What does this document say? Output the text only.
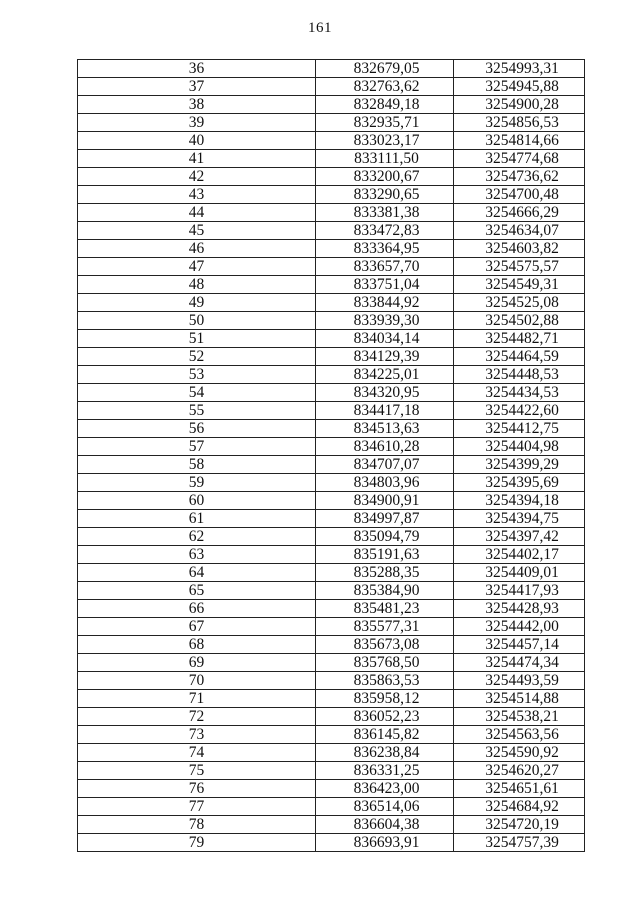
161
36	832679,05	3254993,31
37	832763,62	3254945,88
38	832849,18	3254900,28
39	832935,71	3254856,53
40	833023,17	3254814,66
41	833111,50	3254774,68
42	833200,67	3254736,62
43	833290,65	3254700,48
44	833381,38	3254666,29
45	833472,83	3254634,07
46	833364,95	3254603,82
47	833657,70	3254575,57
48	833751,04	3254549,31
49	833844,92	3254525,08
50	833939,30	3254502,88
51	834034,14	3254482,71
52	834129,39	3254464,59
53	834225,01	3254448,53
54	834320,95	3254434,53
55	834417,18	3254422,60
56	834513,63	3254412,75
57	834610,28	3254404,98
58	834707,07	3254399,29
59	834803,96	3254395,69
60	834900,91	3254394,18
61	834997,87	3254394,75
62	835094,79	3254397,42
63	835191,63	3254402,17
64	835288,35	3254409,01
65	835384,90	3254417,93
66	835481,23	3254428,93
67	835577,31	3254442,00
68	835673,08	3254457,14
69	835768,50	3254474,34
70	835863,53	3254493,59
71	835958,12	3254514,88
72	836052,23	3254538,21
73	836145,82	3254563,56
74	836238,84	3254590,92
75	836331,25	3254620,27
76	836423,00	3254651,61
77	836514,06	3254684,92
78	836604,38	3254720,19
79	836693,91	3254757,39
